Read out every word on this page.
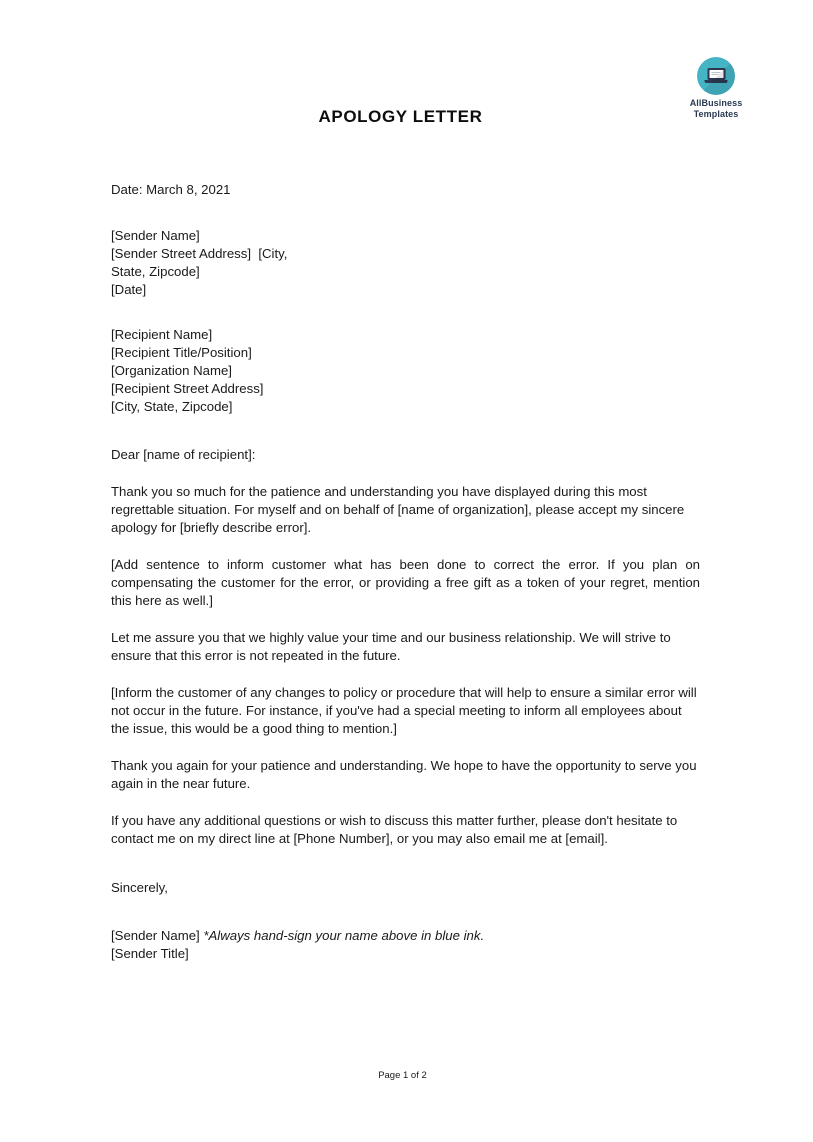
AllBusiness
Templates
APOLOGY LETTER
Date: March 8, 2021
[Sender Name]
[Sender Street Address]  [City,
State, Zipcode]
[Date]
[Recipient Name]
[Recipient Title/Position]
[Organization Name]
[Recipient Street Address]
[City, State, Zipcode]
Dear [name of recipient]:

Thank you so much for the patience and understanding you have displayed during this most regrettable situation. For myself and on behalf of [name of organization], please accept my sincere apology for [briefly describe error].

[Add sentence to inform customer what has been done to correct the error. If you plan on compensating the customer for the error, or providing a free gift as a token of your regret, mention this here as well.]

Let me assure you that we highly value your time and our business relationship. We will strive to ensure that this error is not repeated in the future.

[Inform the customer of any changes to policy or procedure that will help to ensure a similar error will not occur in the future. For instance, if you've had a special meeting to inform all employees about the issue, this would be a good thing to mention.]

Thank you again for your patience and understanding. We hope to have the opportunity to serve you again in the near future.

If you have any additional questions or wish to discuss this matter further, please don't hesitate to contact me on my direct line at [Phone Number], or you may also email me at [email].

Sincerely,
[Sender Name] *Always hand-sign your name above in blue ink.
[Sender Title]
Page 1 of 2
